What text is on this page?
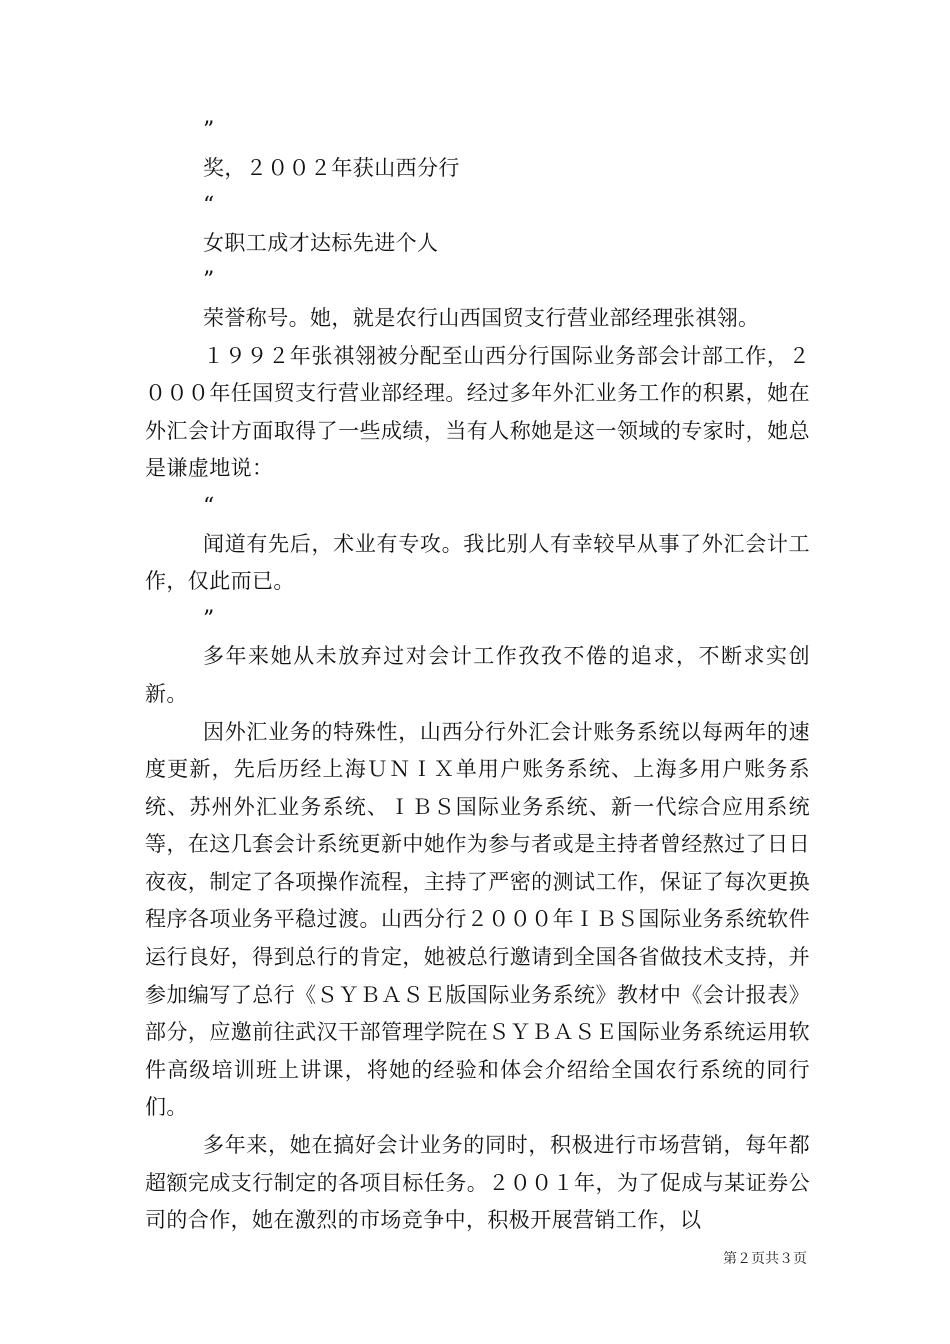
”

奖，２００２年获山西分行

“

女职工成才达标先进个人

”

荣誉称号。她，就是农行山西国贸支行营业部经理张祺翎。

１９９２年张祺翎被分配至山西分行国际业务部会计部工作，２０００年任国贸支行营业部经理。经过多年外汇业务工作的积累，她在外汇会计方面取得了一些成绩，当有人称她是这一领域的专家时，她总是谦虚地说：

“

闻道有先后，术业有专攻。我比别人有幸较早从事了外汇会计工作，仅此而已。

”

多年来她从未放弃过对会计工作孜孜不倦的追求，不断求实创新。

因外汇业务的特殊性，山西分行外汇会计账务系统以每两年的速度更新，先后历经上海ＵＮＩＸ单用户账务系统、上海多用户账务系统、苏州外汇业务系统、ＩＢＳ国际业务系统、新一代综合应用系统等，在这几套会计系统更新中她作为参与者或是主持者曾经熬过了日日夜夜，制定了各项操作流程，主持了严密的测试工作，保证了每次更换程序各项业务平稳过渡。山西分行２０００年ＩＢＳ国际业务系统软件运行良好，得到总行的肯定，她被总行邀请到全国各省做技术支持，并参加编写了总行《ＳＹＢＡＳＥ版国际业务系统》教材中《会计报表》部分，应邀前往武汉干部管理学院在ＳＹＢＡＳＥ国际业务系统运用软件高级培训班上讲课，将她的经验和体会介绍给全国农行系统的同行们。

多年来，她在搞好会计业务的同时，积极进行市场营销，每年都超额完成支行制定的各项目标任务。２００１年，为了促成与某证券公司的合作，她在激烈的市场竞争中，积极开展营销工作，以

第２页共３页
